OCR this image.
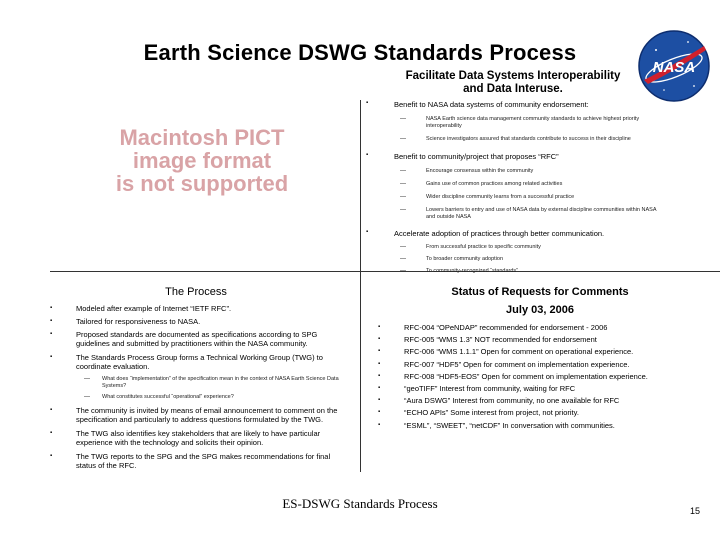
Earth Science DSWG Standards Process
NASA
Facilitate Data Systems Interoperability
and Data Interuse.
Macintosh PICT
image format
is not supported
▪	Benefit to NASA data systems of community endorsement:
—	NASA Earth science data management community standards to achieve highest priority interoperability
—	Science investigators assured that standards contribute to success in their discipline
▪	Benefit to community/project that proposes “RFC”
—	Encourage consensus within the community
—	Gains use of common practices among related activities
—	Wider discipline community learns from a successful practice
—	Lowers barriers to entry and use of NASA data by external discipline communities within NASA and outside NASA
▪	Accelerate adoption of practices through better communication.
—	From successful practice to specific community
—	To broader community adoption
—	To community-recognized “standards”
The Process
▪	Modeled after example of Internet “IETF RFC”.
▪	Tailored for responsiveness to NASA.
▪	Proposed standards are documented as specifications according to SPG guidelines and submitted by practitioners within the NASA community.
▪	The Standards Process Group forms a Technical Working Group (TWG) to coordinate evaluation.
— What does “implementation” of the specification mean in the context of NASA Earth Science Data Systems?
— What constitutes successful “operational” experience?
▪	The community is invited by means of email announcement to comment on the specification and particularly to address questions formulated by the TWG.
▪	The TWG also identifies key stakeholders that are likely to have particular experience with the technology and solicits their opinion.
▪	The TWG reports to the SPG and the SPG makes recommendations for final status of the RFC.
Status of Requests for Comments
July 03, 2006
▪	RFC-004 “OPeNDAP” recommended for endorsement - 2006
▪	RFC-005 “WMS 1.3” NOT recommended for endorsement
▪	RFC-006 “WMS 1.1.1” Open for comment on operational experience.
▪	RFC-007 “HDF5” Open for comment on implementation experience.
▪	RFC-008 “HDF5-EOS” Open for comment on implementation experience.
▪	“geoTIFF” Interest from community, waiting for RFC
▪	“Aura DSWG” Interest from community, no one available for RFC
▪	“ECHO APIs” Some interest from project, not priority.
▪	“ESML”, “SWEET”, “netCDF” In conversation with communities.
ES-DSWG Standards Process	15
